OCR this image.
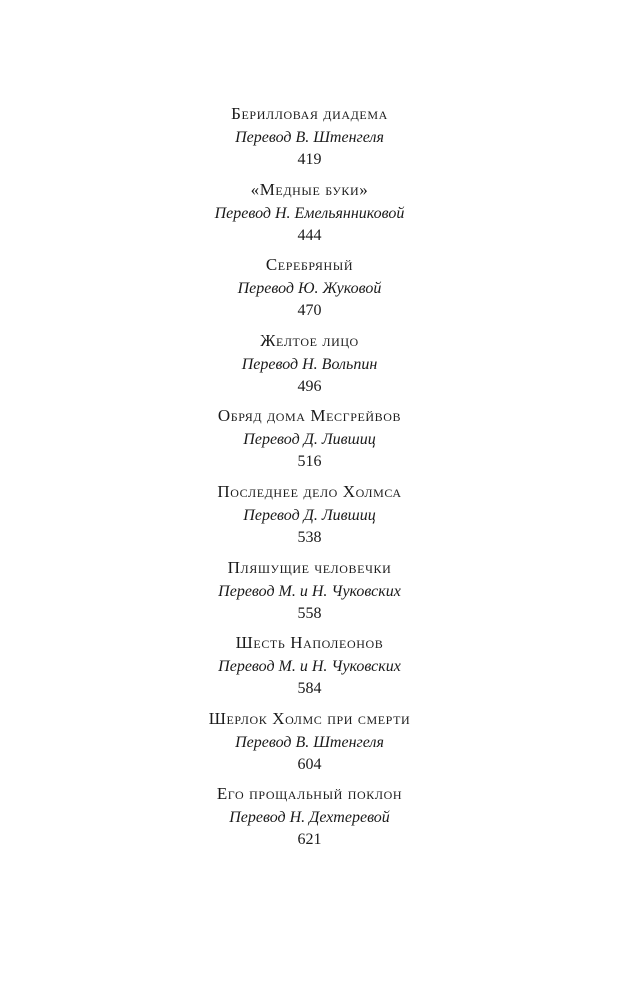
Берилловая диадема
Перевод В. Штенгеля
419
«Медные буки»
Перевод Н. Емельянниковой
444
Серебряный
Перевод Ю. Жуковой
470
Желтое лицо
Перевод Н. Вольпин
496
Обряд дома Месгрейвов
Перевод Д. Лившиц
516
Последнее дело Холмса
Перевод Д. Лившиц
538
Пляшущие человечки
Перевод М. и Н. Чуковских
558
Шесть Наполеонов
Перевод М. и Н. Чуковских
584
Шерлок Холмс при смерти
Перевод В. Штенгеля
604
Его прощальный поклон
Перевод Н. Дехтеревой
621
